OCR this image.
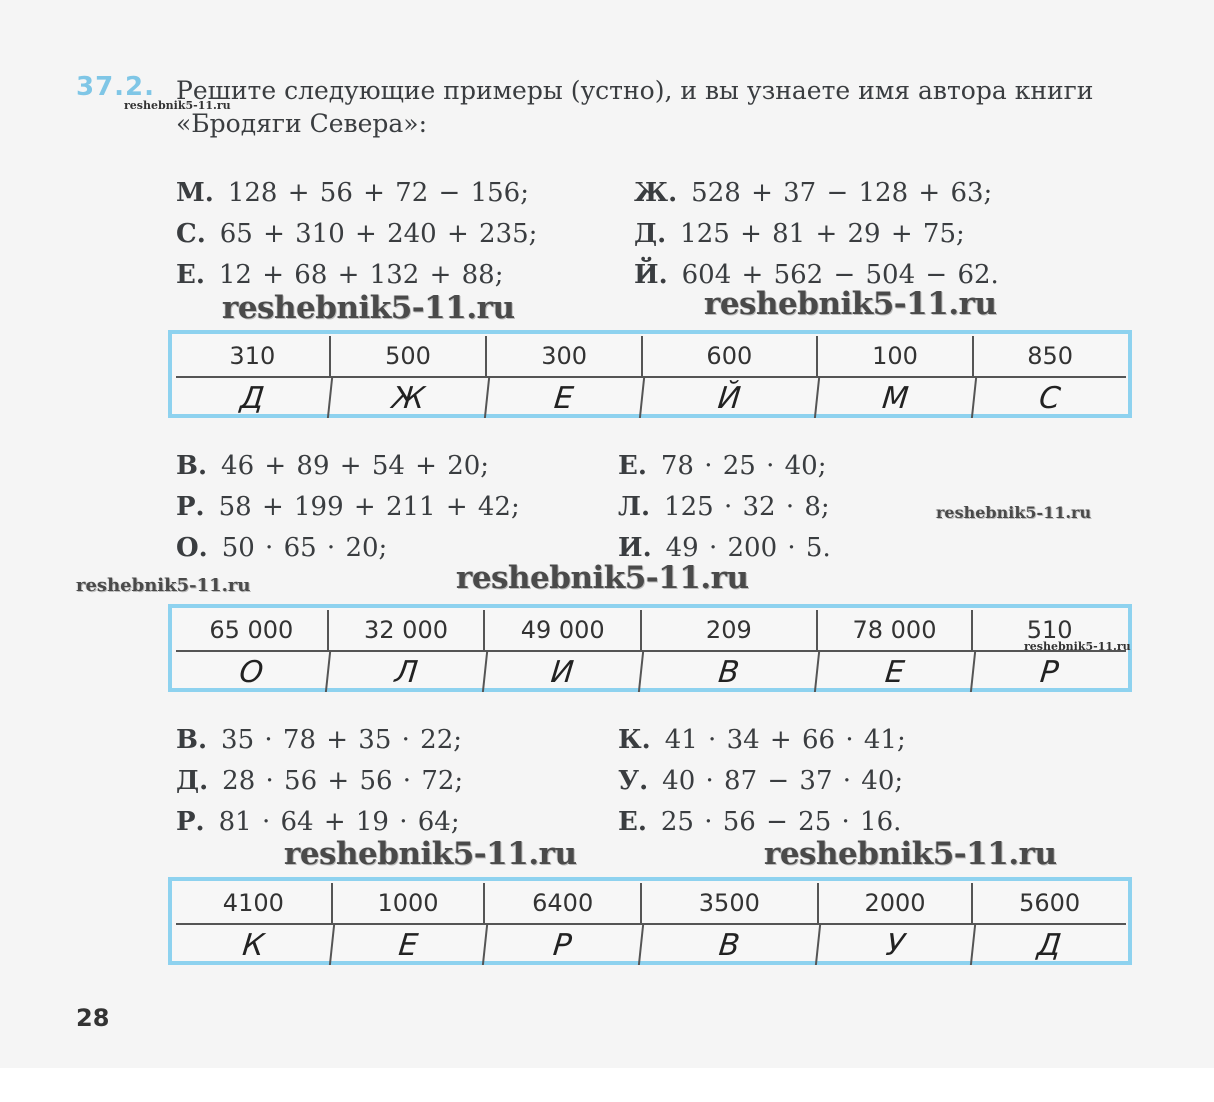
37.2. Решите следующие примеры (устно), и вы узнаете имя автора книги
«Бродяги Севера»:
reshebnik5-11.ru
М. 128 + 56 + 72 − 156;
С. 65 + 310 + 240 + 235;
Е. 12 + 68 + 132 + 88;
Ж. 528 + 37 − 128 + 63;
Д. 125 + 81 + 29 + 75;
Й. 604 + 562 − 504 − 62.
reshebnik5-11.ru	reshebnik5-11.ru
310	500	300	600	100	850
Д	Ж	Е	Й	М	С
В. 46 + 89 + 54 + 20;
Р. 58 + 199 + 211 + 42;
О. 50 · 65 · 20;
Е. 78 · 25 · 40;
Л. 125 · 32 · 8;
И. 49 · 200 · 5.
reshebnik5-11.ru
reshebnik5-11.ru	reshebnik5-11.ru
65 000	32 000	49 000	209	78 000	510
О	Л	И	В	Е	Р
reshebnik5-11.ru
В. 35 · 78 + 35 · 22;
Д. 28 · 56 + 56 · 72;
Р. 81 · 64 + 19 · 64;
К. 41 · 34 + 66 · 41;
У. 40 · 87 − 37 · 40;
Е. 25 · 56 − 25 · 16.
reshebnik5-11.ru	reshebnik5-11.ru
4100	1000	6400	3500	2000	5600
К	Е	Р	В	У	Д
28
